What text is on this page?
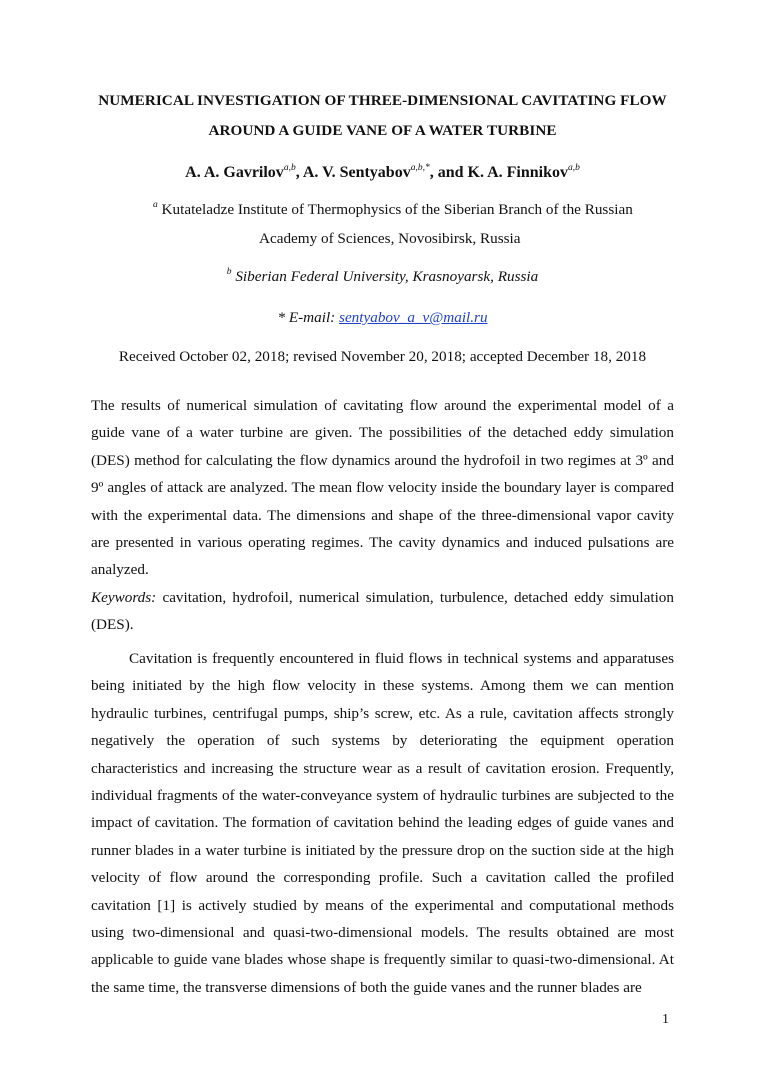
NUMERICAL INVESTIGATION OF THREE-DIMENSIONAL CAVITATING FLOW
AROUND A GUIDE VANE OF A WATER TURBINE
A. A. Gavrilov$^{a,b}$, A. V. Sentyabov$^{a,b,*}$, and K. A. Finnikov$^{a,b}$
$^a$ Kutateladze Institute of Thermophysics of the Siberian Branch of the Russian
Academy of Sciences, Novosibirsk, Russia
$^b$ Siberian Federal University, Krasnoyarsk, Russia
* E-mail: sentyabov_a_v@mail.ru
Received October 02, 2018; revised November 20, 2018; accepted December 18, 2018

The results of numerical simulation of cavitating flow around the experimental model of a guide vane of a water turbine are given. The possibilities of the detached eddy simulation (DES) method for calculating the flow dynamics around the hydrofoil in two regimes at 3º and 9º angles of attack are analyzed. The mean flow velocity inside the boundary layer is compared with the experimental data. The dimensions and shape of the three-dimensional vapor cavity are presented in various operating regimes. The cavity dynamics and induced pulsations are analyzed.

Keywords: cavitation, hydrofoil, numerical simulation, turbulence, detached eddy simulation (DES).

Cavitation is frequently encountered in fluid flows in technical systems and apparatuses being initiated by the high flow velocity in these systems. Among them we can mention hydraulic turbines, centrifugal pumps, ship’s screw, etc. As a rule, cavitation affects strongly negatively the operation of such systems by deteriorating the equipment operation characteristics and increasing the structure wear as a result of cavitation erosion. Frequently, individual fragments of the water-conveyance system of hydraulic turbines are subjected to the impact of cavitation. The formation of cavitation behind the leading edges of guide vanes and runner blades in a water turbine is initiated by the pressure drop on the suction side at the high velocity of flow around the corresponding profile. Such a cavitation called the profiled cavitation [1] is actively studied by means of the experimental and computational methods using two-dimensional and quasi-two-dimensional models. The results obtained are most applicable to guide vane blades whose shape is frequently similar to quasi-two-dimensional. At the same time, the transverse dimensions of both the guide vanes and the runner blades are

1
